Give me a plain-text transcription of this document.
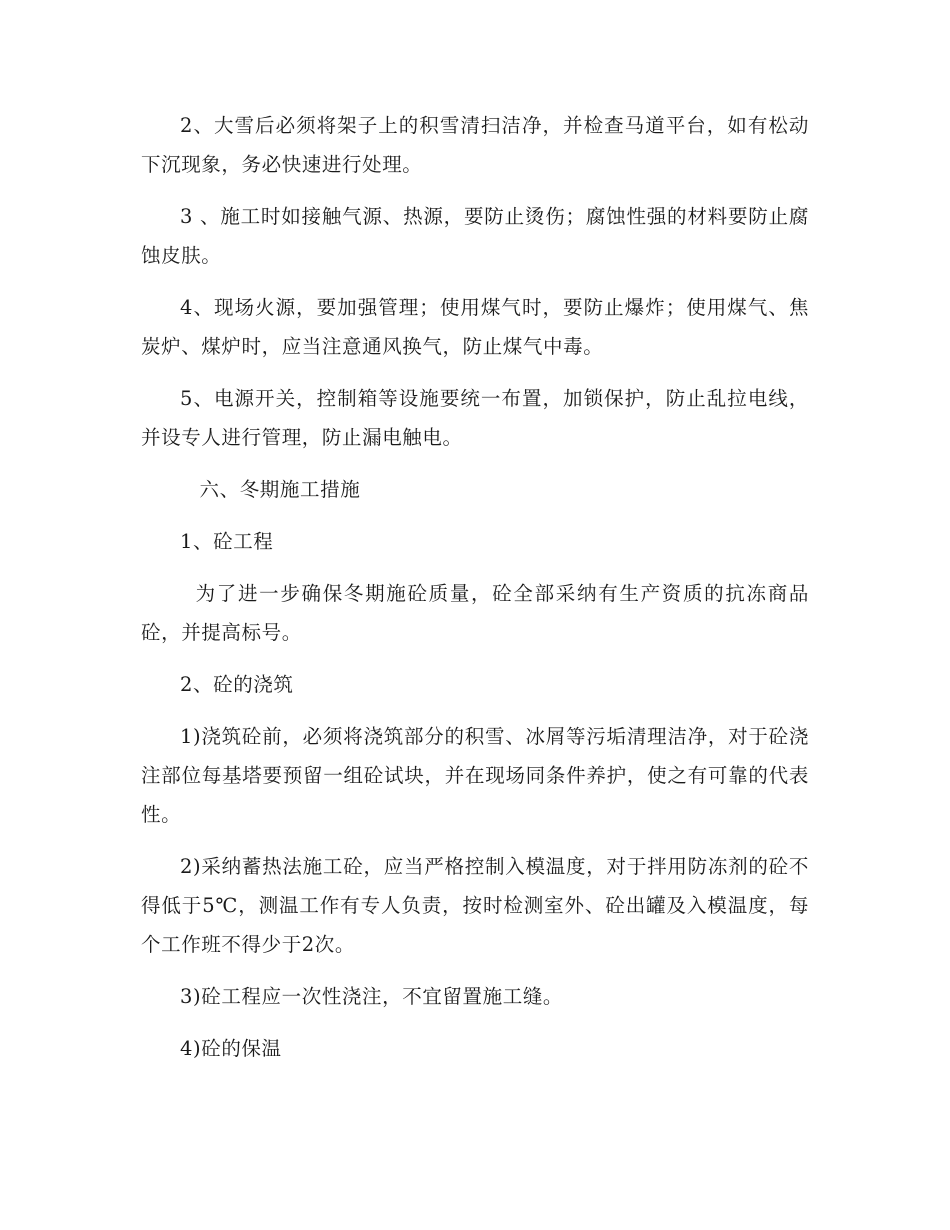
2、大雪后必须将架子上的积雪清扫洁净，并检查马道平台，如有松动下沉现象，务必快速进行处理。

3 、施工时如接触气源、热源，要防止烫伤；腐蚀性强的材料要防止腐蚀皮肤。

4、现场火源，要加强管理；使用煤气时，要防止爆炸；使用煤气、焦炭炉、煤炉时，应当注意通风换气，防止煤气中毒。

5、电源开关，控制箱等设施要统一布置，加锁保护，防止乱拉电线，并设专人进行管理，防止漏电触电。

六、冬期施工措施

1、砼工程

为了进一步确保冬期施砼质量，砼全部采纳有生产资质的抗冻商品砼，并提高标号。

2、砼的浇筑

1)浇筑砼前，必须将浇筑部分的积雪、冰屑等污垢清理洁净，对于砼浇注部位每基塔要预留一组砼试块，并在现场同条件养护，使之有可靠的代表性。

2)采纳蓄热法施工砼，应当严格控制入模温度，对于拌用防冻剂的砼不得低于5℃，测温工作有专人负责，按时检测室外、砼出罐及入模温度，每个工作班不得少于2次。

3)砼工程应一次性浇注，不宜留置施工缝。

4)砼的保温
